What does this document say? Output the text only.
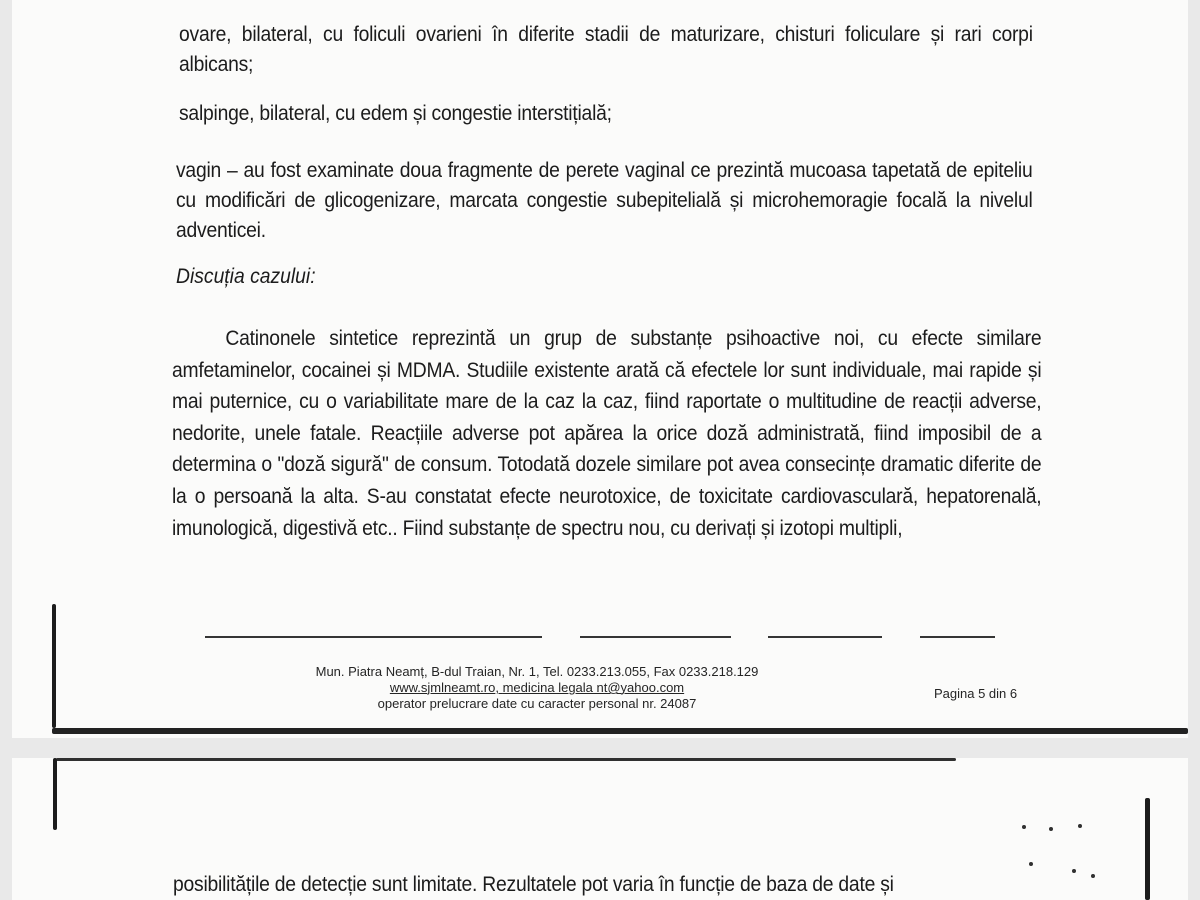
ovare, bilateral, cu foliculi ovarieni în diferite stadii de maturizare, chisturi foliculare și rari corpi albicans;
salpinge, bilateral, cu edem și congestie interstițială;
vagin – au fost examinate doua fragmente de perete vaginal ce prezintă mucoasa tapetată de epiteliu cu modificări de glicogenizare, marcata congestie subepitelială și microhemoragie focală la nivelul adventicei.
Discuția cazului:
Catinonele sintetice reprezintă un grup de substanțe psihoactive noi, cu efecte similare amfetaminelor, cocainei și MDMA. Studiile existente arată că efectele lor sunt individuale, mai rapide și mai puternice, cu o variabilitate mare de la caz la caz, fiind raportate o multitudine de reacții adverse, nedorite, unele fatale. Reacțiile adverse pot apărea la orice doză administrată, fiind imposibil de a determina o "doză sigură" de consum. Totodată dozele similare pot avea consecințe dramatic diferite de la o persoană la alta. S-au constatat efecte neurotoxice, de toxicitate cardiovasculară, hepatorenală, imunologică, digestivă etc.. Fiind substanțe de spectru nou, cu derivați și izotopi multipli,
Mun. Piatra Neamț, B-dul Traian, Nr. 1, Tel. 0233.213.055, Fax 0233.218.129
www.sjmlneamt.ro, medicina legala nt@yahoo.com
operator prelucrare date cu caracter personal nr. 24087
Pagina 5 din 6
posibilitățile de detecție sunt limitate. Rezultatele pot varia în funcție de baza de date și
